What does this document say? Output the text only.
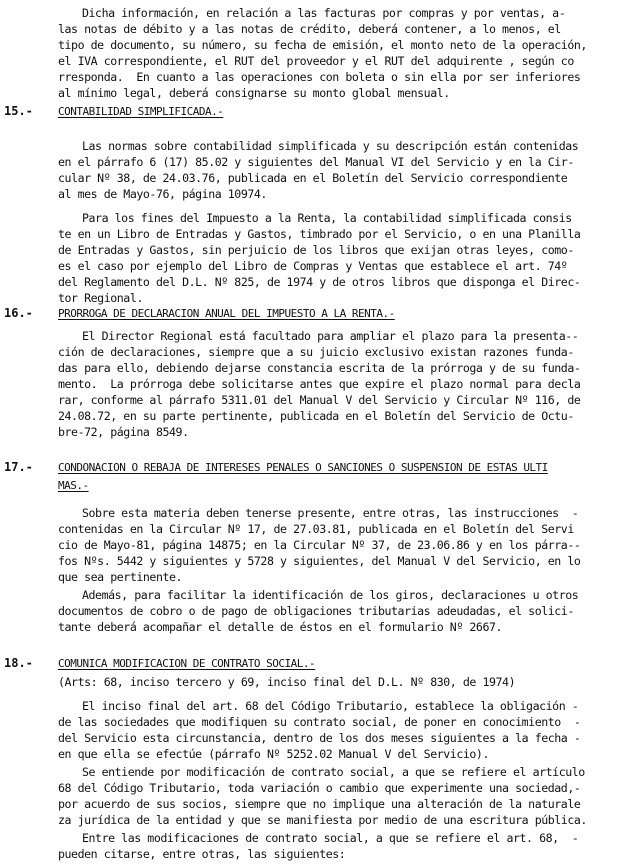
Dicha información, en relación a las facturas por compras y por ventas, a-
las notas de débito y a las notas de crédito, deberá contener, a lo menos, el
tipo de documento, su número, su fecha de emisión, el monto neto de la operación,
el IVA correspondiente, el RUT del proveedor y el RUT del adquirente , según co
rresponda.  En cuanto a las operaciones con boleta o sin ella por ser inferiores
al mínimo legal, deberá consignarse su monto global mensual.
15.- CONTABILIDAD SIMPLIFICADA.-
Las normas sobre contabilidad simplificada y su descripción están contenidas
en el párrafo 6 (17) 85.02 y siguientes del Manual VI del Servicio y en la Cir-
cular Nº 38, de 24.03.76, publicada en el Boletín del Servicio correspondiente
al mes de Mayo-76, página 10974.
Para los fines del Impuesto a la Renta, la contabilidad simplificada consis
te en un Libro de Entradas y Gastos, timbrado por el Servicio, o en una Planilla
de Entradas y Gastos, sin perjuicio de los libros que exijan otras leyes, como-
es el caso por ejemplo del Libro de Compras y Ventas que establece el art. 74º
del Reglamento del D.L. Nº 825, de 1974 y de otros libros que disponga el Direc-
tor Regional.
16.- PRORROGA DE DECLARACION ANUAL DEL IMPUESTO A LA RENTA.-
El Director Regional está facultado para ampliar el plazo para la presenta--
ción de declaraciones, siempre que a su juicio exclusivo existan razones funda-
das para ello, debiendo dejarse constancia escrita de la prórroga y de su funda-
mento.  La prórroga debe solicitarse antes que expire el plazo normal para decla
rar, conforme al párrafo 5311.01 del Manual V del Servicio y Circular Nº 116, de
24.08.72, en su parte pertinente, publicada en el Boletín del Servicio de Octu-
bre-72, página 8549.
17.- CONDONACION O REBAJA DE INTERESES PENALES O SANCIONES O SUSPENSION DE ESTAS ULTI
MAS.-
Sobre esta materia deben tenerse presente, entre otras, las instrucciones  -
contenidas en la Circular Nº 17, de 27.03.81, publicada en el Boletín del Servi
cio de Mayo-81, página 14875; en la Circular Nº 37, de 23.06.86 y en los párra--
fos Nºs. 5442 y siguientes y 5728 y siguientes, del Manual V del Servicio, en lo
que sea pertinente.
Además, para facilitar la identificación de los giros, declaraciones u otros
documentos de cobro o de pago de obligaciones tributarias adeudadas, el solici-
tante deberá acompañar el detalle de éstos en el formulario Nº 2667.
18.- COMUNICA MODIFICACION DE CONTRATO SOCIAL.-
(Arts: 68, inciso tercero y 69, inciso final del D.L. Nº 830, de 1974)
El inciso final del art. 68 del Código Tributario, establece la obligación -
de las sociedades que modifiquen su contrato social, de poner en conocimiento  -
del Servicio esta circunstancia, dentro de los dos meses siguientes a la fecha -
en que ella se efectúe (párrafo Nº 5252.02 Manual V del Servicio).
Se entiende por modificación de contrato social, a que se refiere el artículo
68 del Código Tributario, toda variación o cambio que experimente una sociedad,-
por acuerdo de sus socios, siempre que no implique una alteración de la naturale
za jurídica de la entidad y que se manifiesta por medio de una escritura pública.
Entre las modificaciones de contrato social, a que se refiere el art. 68,  -
pueden citarse, entre otras, las siguientes:
